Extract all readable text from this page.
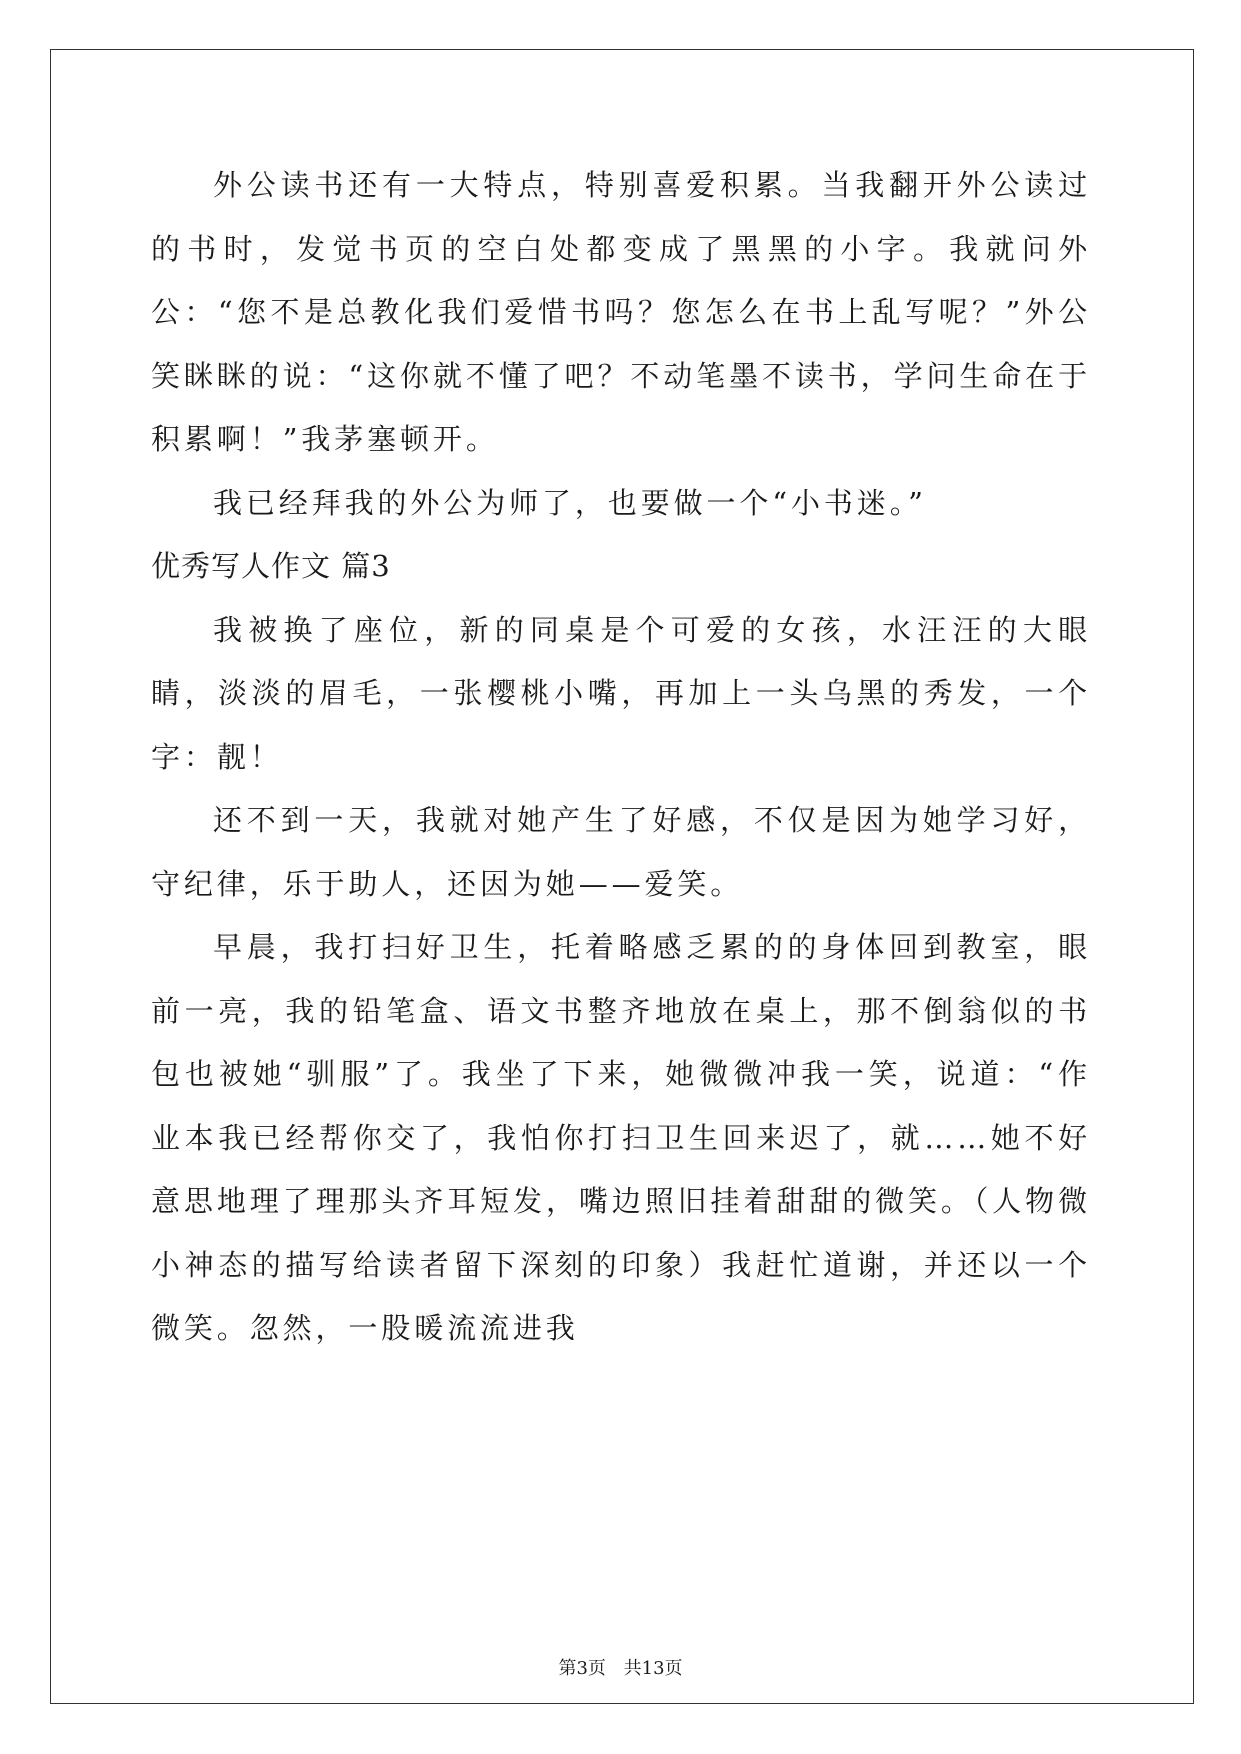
外公读书还有一大特点，特别喜爱积累。当我翻开外公读过的书时，发觉书页的空白处都变成了黑黑的小字。我就问外公：“您不是总教化我们爱惜书吗？您怎么在书上乱写呢？”外公笑眯眯的说：“这你就不懂了吧？不动笔墨不读书，学问生命在于积累啊！”我茅塞顿开。

我已经拜我的外公为师了，也要做一个“小书迷。”

优秀写人作文 篇3

我被换了座位，新的同桌是个可爱的女孩，水汪汪的大眼睛，淡淡的眉毛，一张樱桃小嘴，再加上一头乌黑的秀发，一个字：靓！

还不到一天，我就对她产生了好感，不仅是因为她学习好，守纪律，乐于助人，还因为她——爱笑。

早晨，我打扫好卫生，托着略感乏累的的身体回到教室，眼前一亮，我的铅笔盒、语文书整齐地放在桌上，那不倒翁似的书包也被她“驯服”了。我坐了下来，她微微冲我一笑，说道：“作业本我已经帮你交了，我怕你打扫卫生回来迟了，就……她不好意思地理了理那头齐耳短发，嘴边照旧挂着甜甜的微笑。（人物微小神态的描写给读者留下深刻的印象）我赶忙道谢，并还以一个微笑。忽然，一股暖流流进我

第3页 共13页
